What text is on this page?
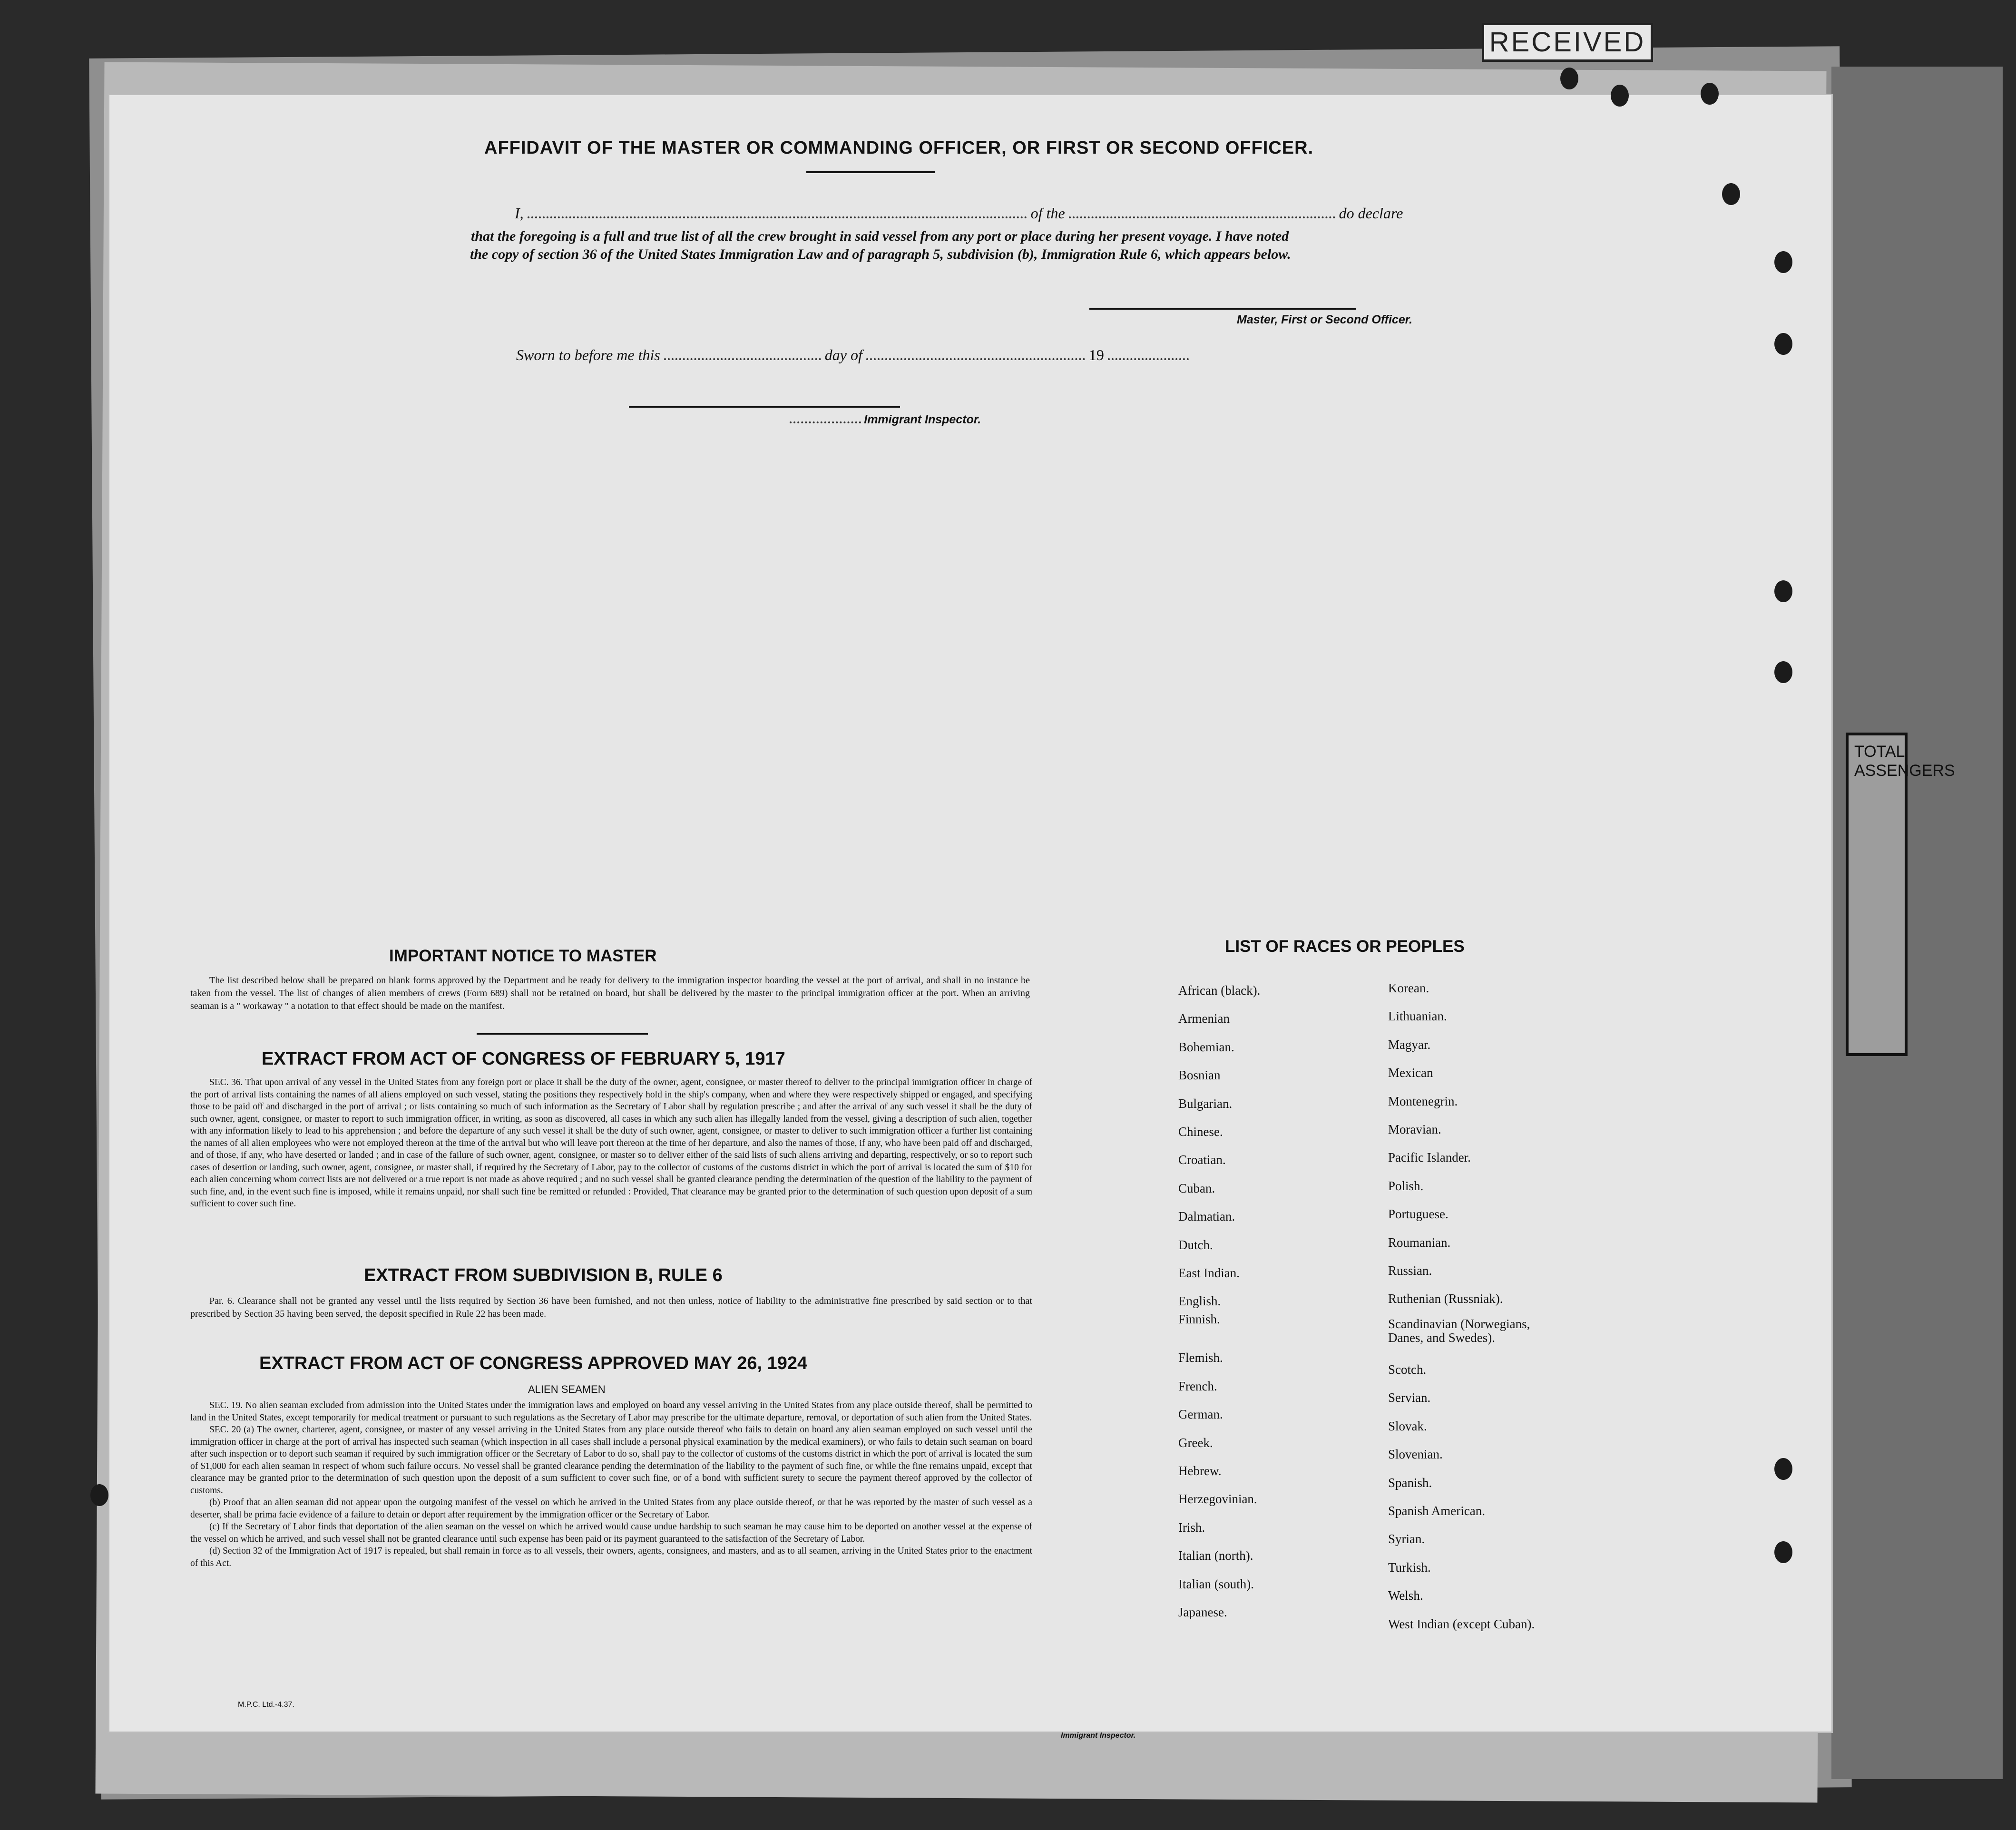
RECEIVED
TOTAL
ASSENGERS
AFFIDAVIT OF THE MASTER OR COMMANDING OFFICER, OR FIRST OR SECOND OFFICER.
I,	of the	do declare
that the foregoing is a full and true list of all the crew brought in said vessel from any port or place during her present voyage. I have noted
the copy of section 36 of the United States Immigration Law and of paragraph 5, subdivision (b), Immigration Rule 6, which appears below.
Master, First or Second Officer.
Sworn to before me this	day of	19
Immigrant Inspector.
IMPORTANT NOTICE TO MASTER

The list described below shall be prepared on blank forms approved by the Department and be ready for delivery to the immigration inspector boarding the vessel at the port of arrival, and shall in no instance be taken from the vessel. The list of changes of alien members of crews (Form 689) shall not be retained on board, but shall be delivered by the master to the principal immigration officer at the port. When an arriving seaman is a " workaway " a notation to that effect should be made on the manifest.

EXTRACT FROM ACT OF CONGRESS OF FEBRUARY 5, 1917

SEC. 36. That upon arrival of any vessel in the United States from any foreign port or place it shall be the duty of the owner, agent, consignee, or master thereof to deliver to the principal immigration officer in charge of the port of arrival lists containing the names of all aliens employed on such vessel, stating the positions they respectively hold in the ship's company, when and where they were respectively shipped or engaged, and specifying those to be paid off and discharged in the port of arrival ; or lists containing so much of such information as the Secretary of Labor shall by regulation prescribe ; and after the arrival of any such vessel it shall be the duty of such owner, agent, consignee, or master to report to such immigration officer, in writing, as soon as discovered, all cases in which any such alien has illegally landed from the vessel, giving a description of such alien, together with any information likely to lead to his apprehension ; and before the departure of any such vessel it shall be the duty of such owner, agent, consignee, or master to deliver to such immigration officer a further list containing the names of all alien employees who were not employed thereon at the time of the arrival but who will leave port thereon at the time of her departure, and also the names of those, if any, who have been paid off and discharged, and of those, if any, who have deserted or landed ; and in case of the failure of such owner, agent, consignee, or master so to deliver either of the said lists of such aliens arriving and departing, respectively, or so to report such cases of desertion or landing, such owner, agent, consignee, or master shall, if required by the Secretary of Labor, pay to the collector of customs of the customs district in which the port of arrival is located the sum of $10 for each alien concerning whom correct lists are not delivered or a true report is not made as above required ; and no such vessel shall be granted clearance pending the determination of the question of the liability to the payment of such fine, and, in the event such fine is imposed, while it remains unpaid, nor shall such fine be remitted or refunded : Provided, That clearance may be granted prior to the determination of such question upon deposit of a sum sufficient to cover such fine.

EXTRACT FROM SUBDIVISION B, RULE 6

Par. 6. Clearance shall not be granted any vessel until the lists required by Section 36 have been furnished, and not then unless, notice of liability to the administrative fine prescribed by said section or to that prescribed by Section 35 having been served, the deposit specified in Rule 22 has been made.

EXTRACT FROM ACT OF CONGRESS APPROVED MAY 26, 1924
ALIEN SEAMEN

SEC. 19. No alien seaman excluded from admission into the United States under the immigration laws and employed on board any vessel arriving in the United States from any place outside thereof, shall be permitted to land in the United States, except temporarily for medical treatment or pursuant to such regulations as the Secretary of Labor may prescribe for the ultimate departure, removal, or deportation of such alien from the United States.

SEC. 20 (a) The owner, charterer, agent, consignee, or master of any vessel arriving in the United States from any place outside thereof who fails to detain on board any alien seaman employed on such vessel until the immigration officer in charge at the port of arrival has inspected such seaman (which inspection in all cases shall include a personal physical examination by the medical examiners), or who fails to detain such seaman on board after such inspection or to deport such seaman if required by such immigration officer or the Secretary of Labor to do so, shall pay to the collector of customs of the customs district in which the port of arrival is located the sum of $1,000 for each alien seaman in respect of whom such failure occurs. No vessel shall be granted clearance pending the determination of the liability to the payment of such fine, or while the fine remains unpaid, except that clearance may be granted prior to the determination of such question upon the deposit of a sum sufficient to cover such fine, or of a bond with sufficient surety to secure the payment thereof approved by the collector of customs.

(b) Proof that an alien seaman did not appear upon the outgoing manifest of the vessel on which he arrived in the United States from any place outside thereof, or that he was reported by the master of such vessel as a deserter, shall be prima facie evidence of a failure to detain or deport after requirement by the immigration officer or the Secretary of Labor.

(c) If the Secretary of Labor finds that deportation of the alien seaman on the vessel on which he arrived would cause undue hardship to such seaman he may cause him to be deported on another vessel at the expense of the vessel on which he arrived, and such vessel shall not be granted clearance until such expense has been paid or its payment guaranteed to the satisfaction of the Secretary of Labor.

(d) Section 32 of the Immigration Act of 1917 is repealed, but shall remain in force as to all vessels, their owners, agents, consignees, and masters, and as to all seamen, arriving in the United States prior to the enactment of this Act.

LIST OF RACES OR PEOPLES
African (black).
Armenian
Bohemian.
Bosnian
Bulgarian.
Chinese.
Croatian.
Cuban.
Dalmatian.
Dutch.
East Indian.
English.
Finnish.
Flemish.
French.
German.
Greek.
Hebrew.
Herzegovinian.
Irish.
Italian (north).
Italian (south).
Japanese.
Korean.
Lithuanian.
Magyar.
Mexican
Montenegrin.
Moravian.
Pacific Islander.
Polish.
Portuguese.
Roumanian.
Russian.
Ruthenian (Russniak).
Scandinavian (Norwegians, Danes, and Swedes).
Scotch.
Servian.
Slovak.
Slovenian.
Spanish.
Spanish American.
Syrian.
Turkish.
Welsh.
West Indian (except Cuban).
M.P.C. Ltd.-4.37.
Immigrant Inspector.
